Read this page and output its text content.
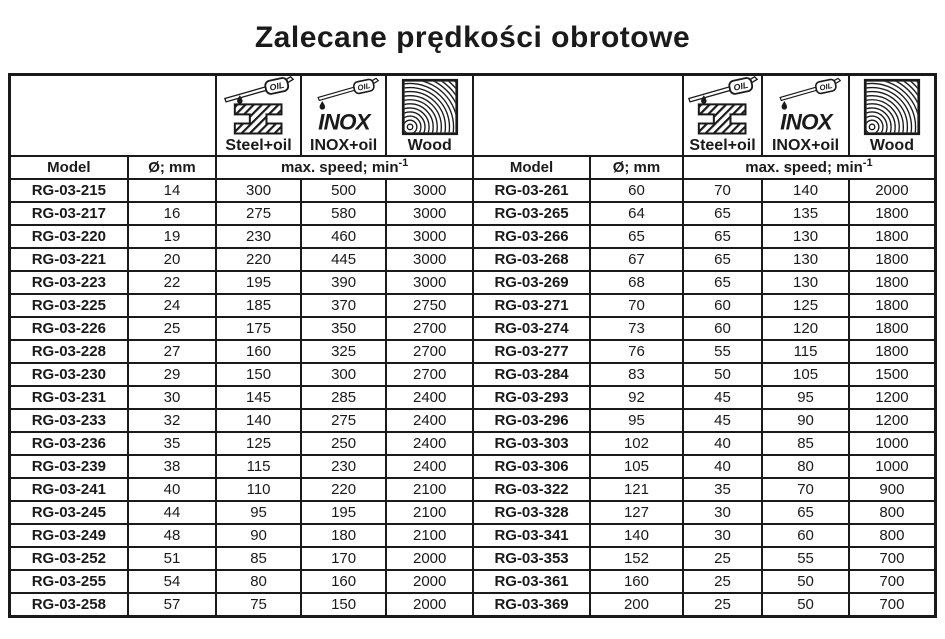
Zalecane prędkości obrotowe

		Steel+oil	INOX+oil	Wood			Steel+oil	INOX+oil	Wood

Model	Ø; mm	max. speed; $\min^{-1}$			Model	Ø; mm	max. speed; $\min^{-1}$
RG-03-215	14	300	500	3000	RG-03-261	60	70	140	2000
RG-03-217	16	275	580	3000	RG-03-265	64	65	135	1800
RG-03-220	19	230	460	3000	RG-03-266	65	65	130	1800
RG-03-221	20	220	445	3000	RG-03-268	67	65	130	1800
RG-03-223	22	195	390	3000	RG-03-269	68	65	130	1800
RG-03-225	24	185	370	2750	RG-03-271	70	60	125	1800
RG-03-226	25	175	350	2700	RG-03-274	73	60	120	1800
RG-03-228	27	160	325	2700	RG-03-277	76	55	115	1800
RG-03-230	29	150	300	2700	RG-03-284	83	50	105	1500
RG-03-231	30	145	285	2400	RG-03-293	92	45	95	1200
RG-03-233	32	140	275	2400	RG-03-296	95	45	90	1200
RG-03-236	35	125	250	2400	RG-03-303	102	40	85	1000
RG-03-239	38	115	230	2400	RG-03-306	105	40	80	1000
RG-03-241	40	110	220	2100	RG-03-322	121	35	70	900
RG-03-245	44	95	195	2100	RG-03-328	127	30	65	800
RG-03-249	48	90	180	2100	RG-03-341	140	30	60	800
RG-03-252	51	85	170	2000	RG-03-353	152	25	55	700
RG-03-255	54	80	160	2000	RG-03-361	160	25	50	700
RG-03-258	57	75	150	2000	RG-03-369	200	25	50	700
